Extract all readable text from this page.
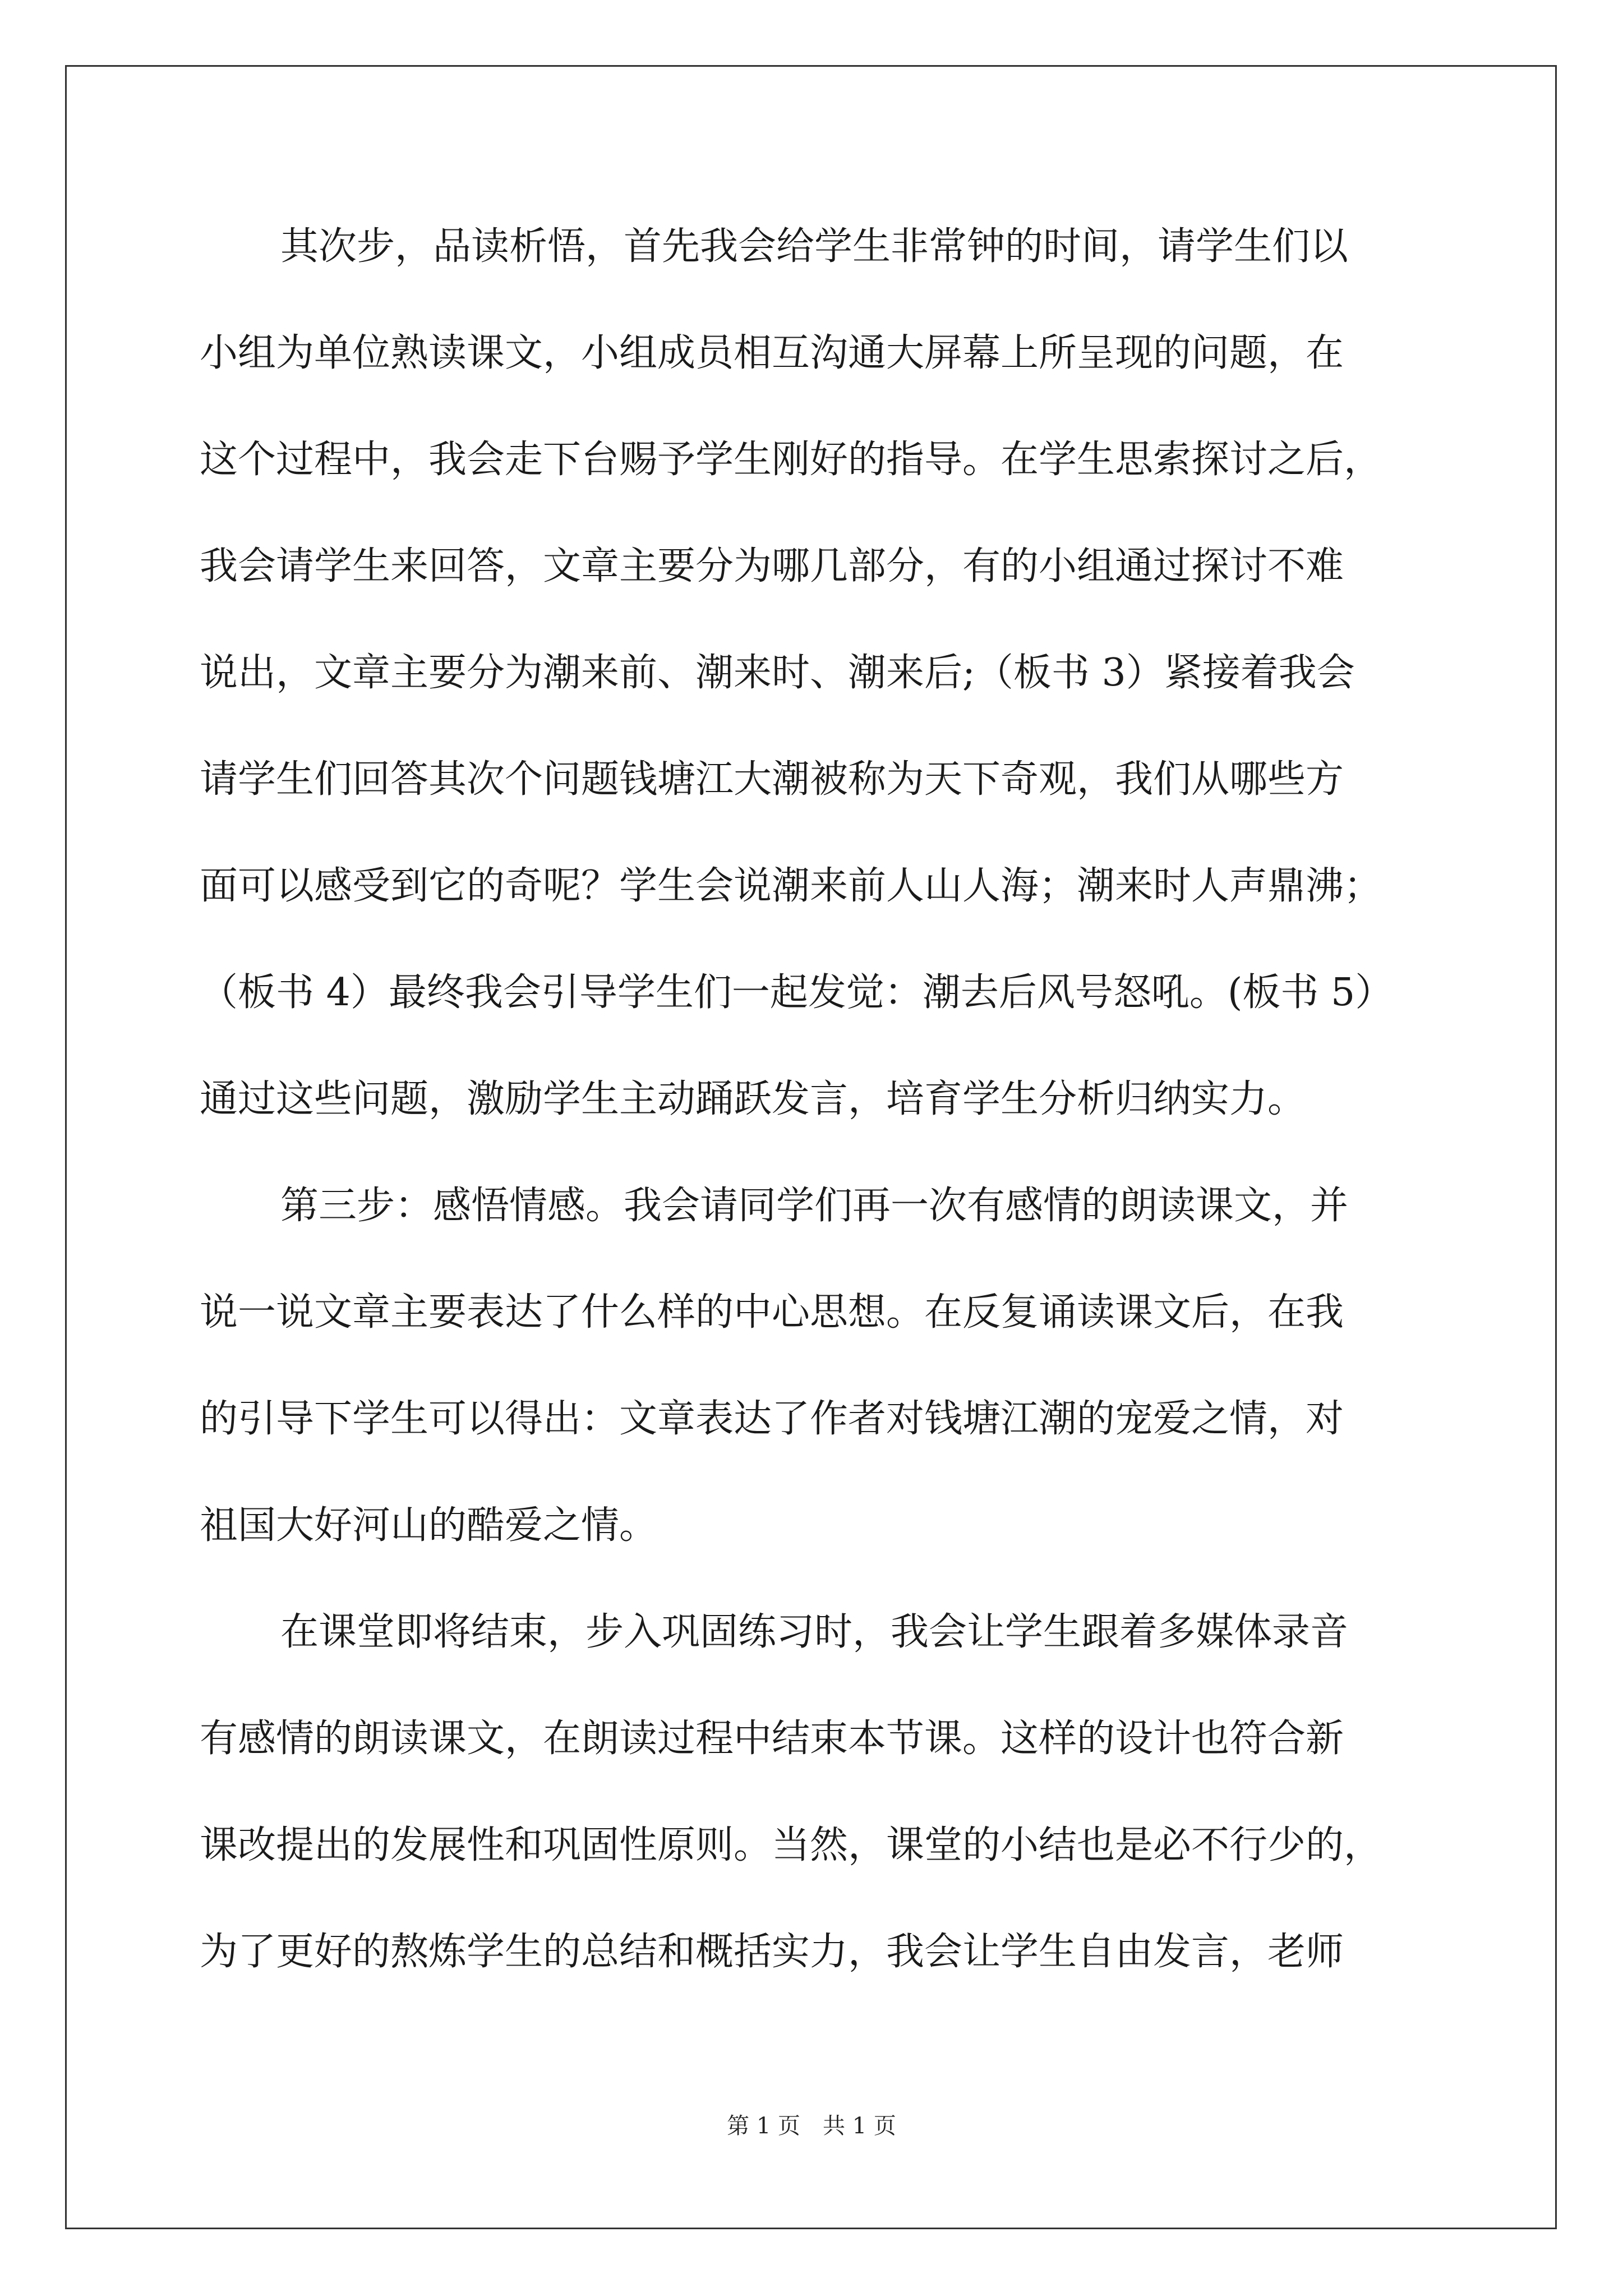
其次步，品读析悟，首先我会给学生非常钟的时间，请学生们以
小组为单位熟读课文，小组成员相互沟通大屏幕上所呈现的问题，在
这个过程中，我会走下台赐予学生刚好的指导。在学生思索探讨之后，
我会请学生来回答，文章主要分为哪几部分，有的小组通过探讨不难
说出，文章主要分为潮来前、潮来时、潮来后;（板书 3）紧接着我会
请学生们回答其次个问题钱塘江大潮被称为天下奇观，我们从哪些方
面可以感受到它的奇呢？学生会说潮来前人山人海；潮来时人声鼎沸；
（板书 4）最终我会引导学生们一起发觉：潮去后风号怒吼。(板书 5）
通过这些问题，激励学生主动踊跃发言，培育学生分析归纳实力。
第三步：感悟情感。我会请同学们再一次有感情的朗读课文，并
说一说文章主要表达了什么样的中心思想。在反复诵读课文后，在我
的引导下学生可以得出：文章表达了作者对钱塘江潮的宠爱之情，对
祖国大好河山的酷爱之情。
在课堂即将结束，步入巩固练习时，我会让学生跟着多媒体录音
有感情的朗读课文，在朗读过程中结束本节课。这样的设计也符合新
课改提出的发展性和巩固性原则。当然，课堂的小结也是必不行少的，
为了更好的熬炼学生的总结和概括实力，我会让学生自由发言，老师
第 1 页 共 1 页
